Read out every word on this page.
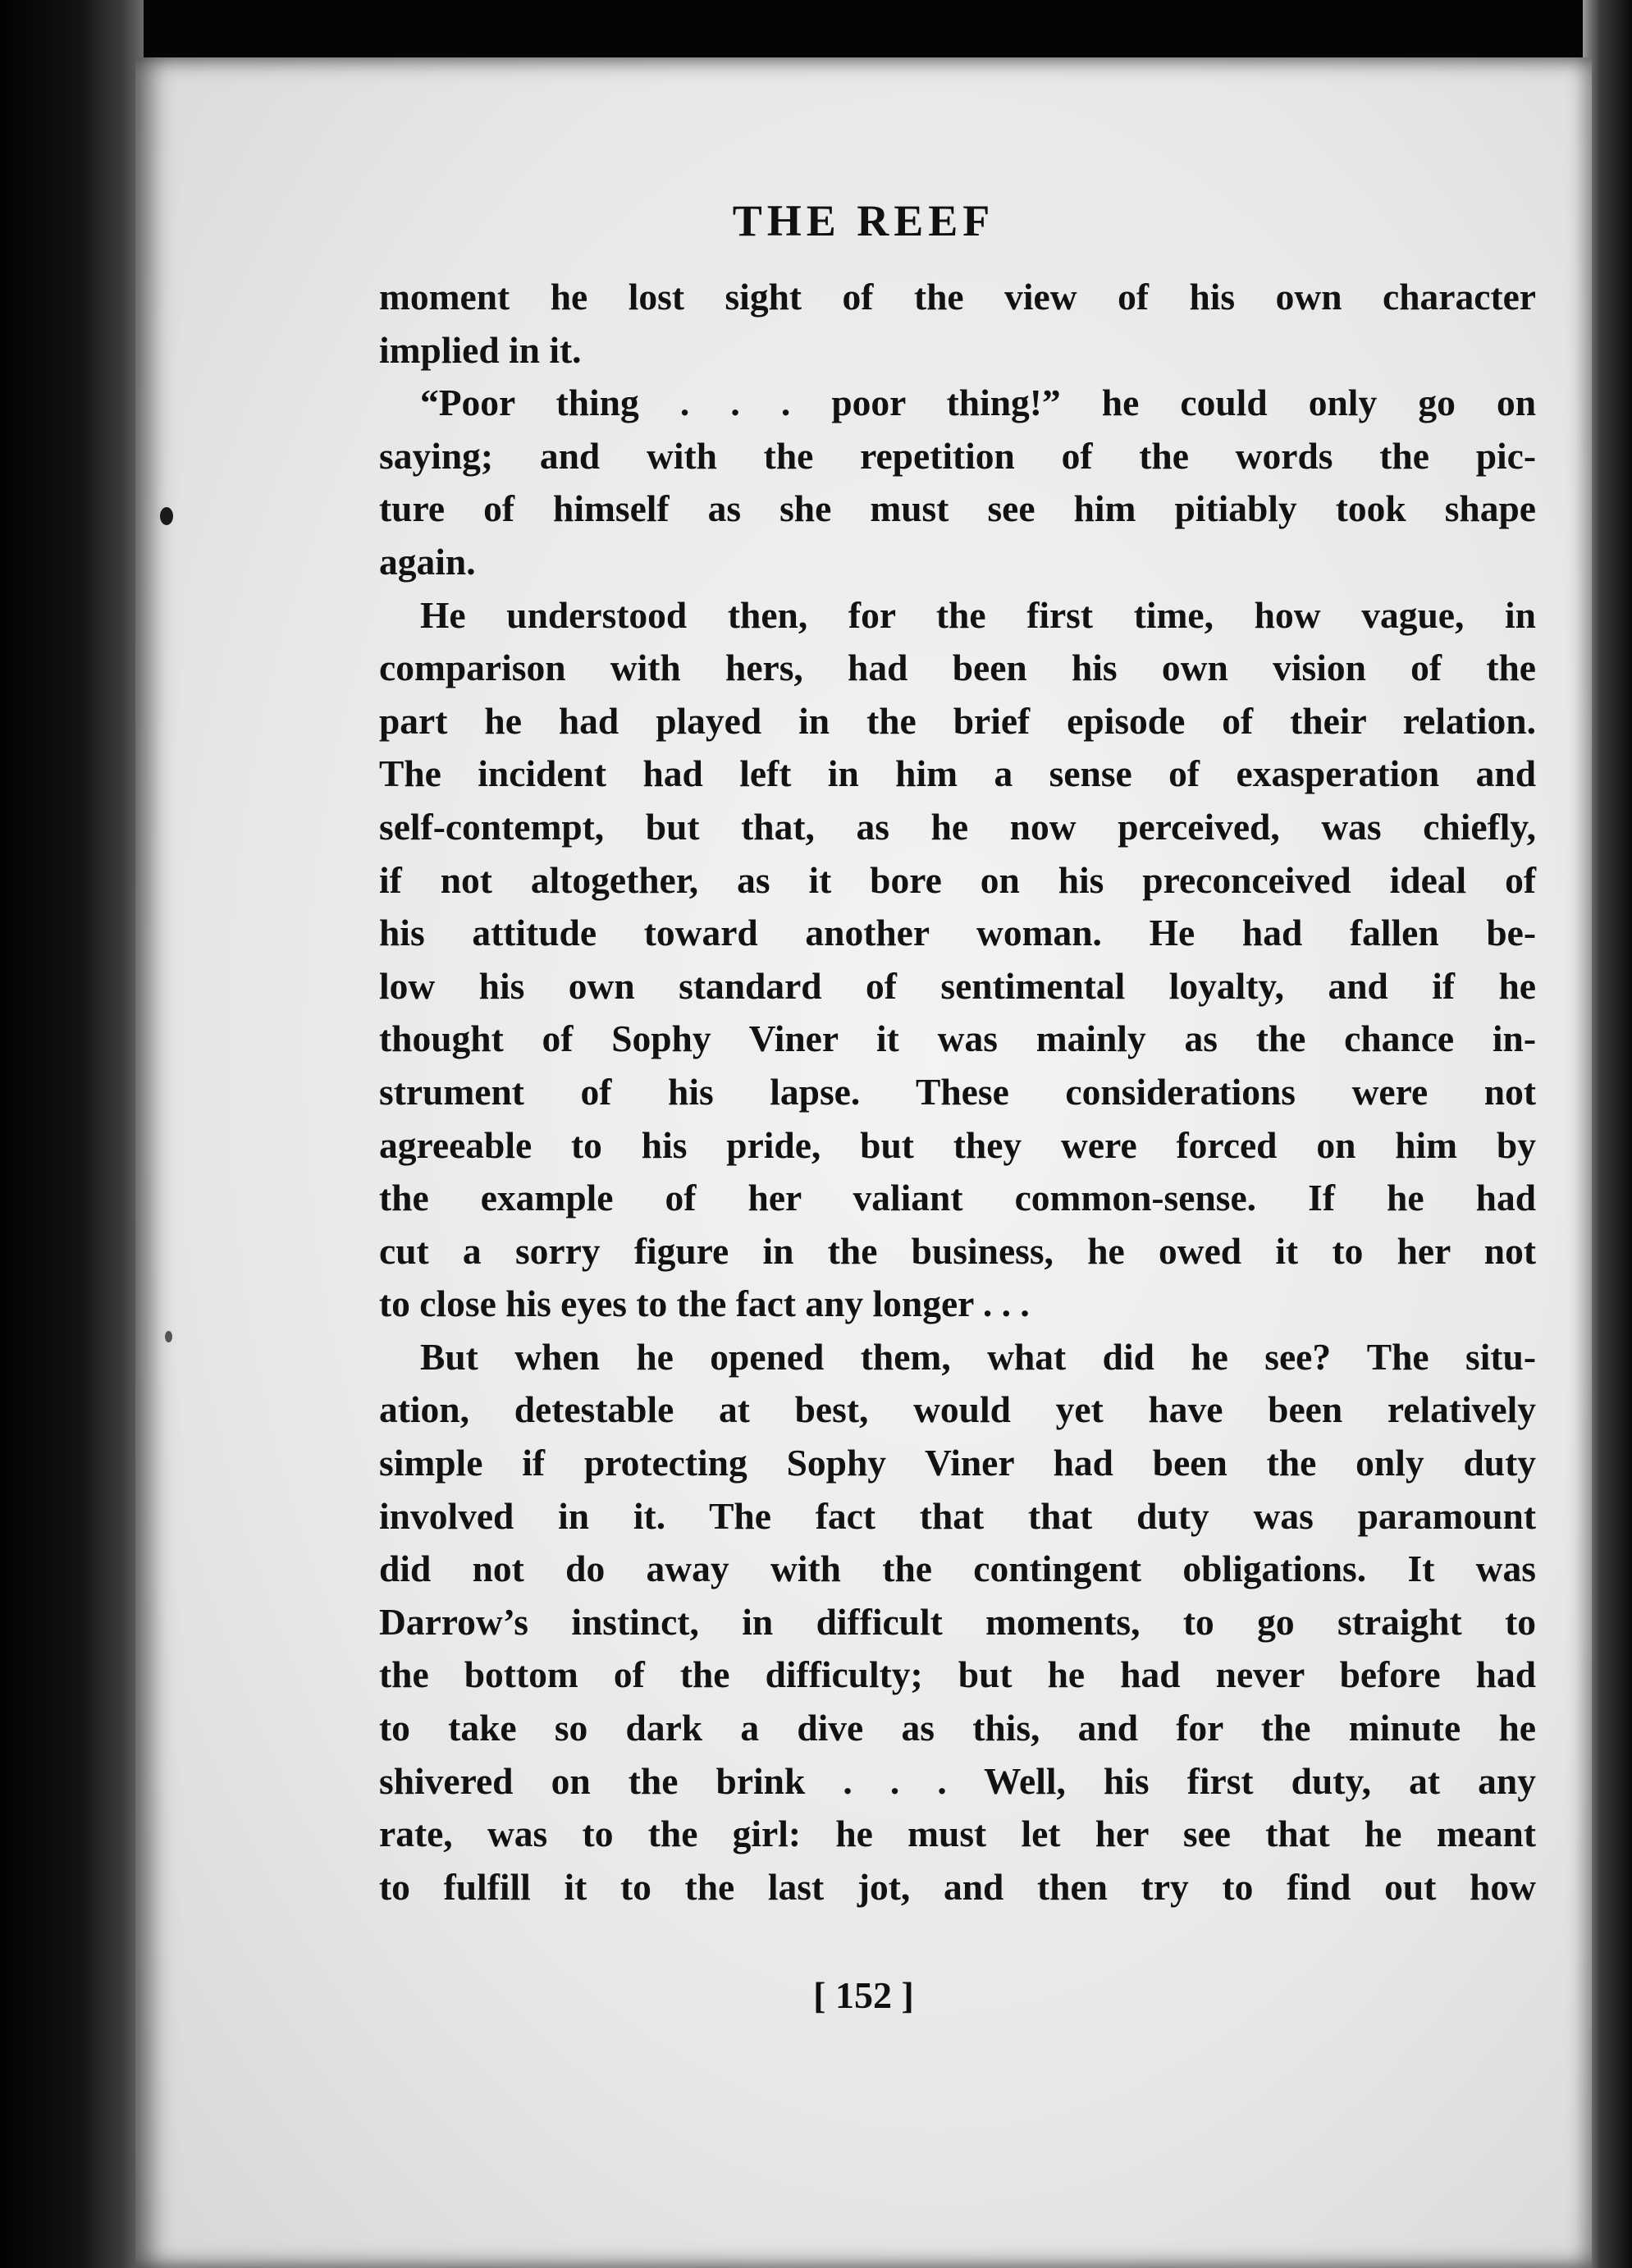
THE REEF
moment he lost sight of the view of his own character
implied in it.
“Poor thing . . . poor thing!” he could only go on
saying; and with the repetition of the words the pic-
ture of himself as she must see him pitiably took shape
again.
He understood then, for the first time, how vague, in
comparison with hers, had been his own vision of the
part he had played in the brief episode of their relation.
The incident had left in him a sense of exasperation and
self-contempt, but that, as he now perceived, was chiefly,
if not altogether, as it bore on his preconceived ideal of
his attitude toward another woman. He had fallen be-
low his own standard of sentimental loyalty, and if he
thought of Sophy Viner it was mainly as the chance in-
strument of his lapse. These considerations were not
agreeable to his pride, but they were forced on him by
the example of her valiant common-sense. If he had
cut a sorry figure in the business, he owed it to her not
to close his eyes to the fact any longer . . .
But when he opened them, what did he see? The situ-
ation, detestable at best, would yet have been relatively
simple if protecting Sophy Viner had been the only duty
involved in it. The fact that that duty was paramount
did not do away with the contingent obligations. It was
Darrow’s instinct, in difficult moments, to go straight to
the bottom of the difficulty; but he had never before had
to take so dark a dive as this, and for the minute he
shivered on the brink . . . Well, his first duty, at any
rate, was to the girl: he must let her see that he meant
to fulfill it to the last jot, and then try to find out how
[ 152 ]
